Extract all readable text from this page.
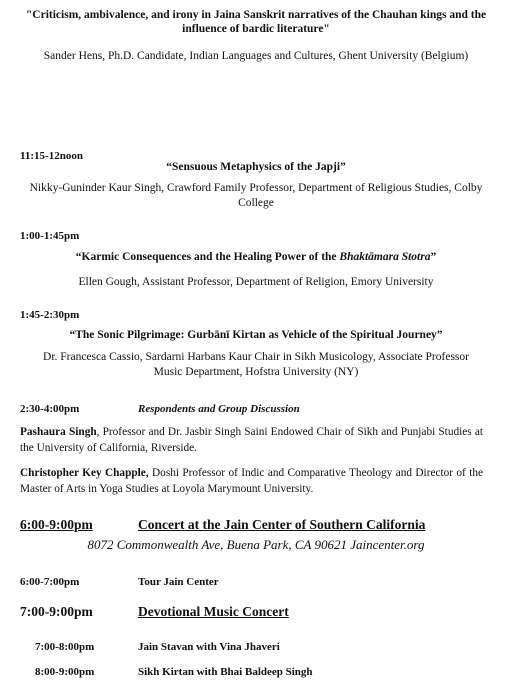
"Criticism, ambivalence, and irony in Jaina Sanskrit narratives of the Chauhan kings and the influence of bardic literature"
Sander Hens, Ph.D. Candidate, Indian Languages and Cultures, Ghent University (Belgium)
11:15-12noon
“Sensuous Metaphysics of the Japji”
Nikky-Guninder Kaur Singh, Crawford Family Professor, Department of Religious Studies, Colby College
1:00-1:45pm
“Karmic Consequences and the Healing Power of the Bhaktāmara Stotra”
Ellen Gough, Assistant Professor, Department of Religion, Emory University
1:45-2:30pm
“The Sonic Pilgrimage: Gurbānī Kirtan as Vehicle of the Spiritual Journey”
Dr. Francesca Cassio, Sardarni Harbans Kaur Chair in Sikh Musicology, Associate Professor Music Department, Hofstra University (NY)
2:30-4:00pm	Respondents and Group Discussion
Pashaura Singh, Professor and Dr. Jasbir Singh Saini Endowed Chair of Sikh and Punjabi Studies at the University of California, Riverside.
Christopher Key Chapple, Doshi Professor of Indic and Comparative Theology and Director of the Master of Arts in Yoga Studies at Loyola Marymount University.
6:00-9:00pm	Concert at the Jain Center of Southern California
8072 Commonwealth Ave, Buena Park, CA 90621 Jaincenter.org
6:00-7:00pm	Tour Jain Center
7:00-9:00pm	Devotional Music Concert
7:00-8:00pm	Jain Stavan with Vina Jhaveri
8:00-9:00pm	Sikh Kirtan with Bhai Baldeep Singh
